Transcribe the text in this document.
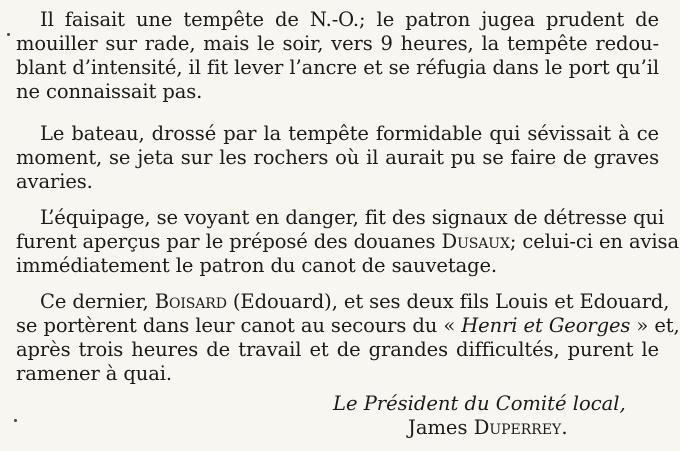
Il faisait une tempête de N.-O.; le patron jugea prudent de
mouiller sur rade, mais le soir, vers 9 heures, la tempête redou-
blant d’intensité, il fit lever l’ancre et se réfugia dans le port qu’il
ne connaissait pas.
Le bateau, drossé par la tempête formidable qui sévissait à ce
moment, se jeta sur les rochers où il aurait pu se faire de graves
avaries.
L’équipage, se voyant en danger, fit des signaux de détresse qui
furent aperçus par le préposé des douanes Dusaux; celui-ci en avisa
immédiatement le patron du canot de sauvetage.
Ce dernier, Boisard (Edouard), et ses deux fils Louis et Edouard,
se portèrent dans leur canot au secours du « Henri et Georges » et,
après trois heures de travail et de grandes difficultés, purent le
ramener à quai.
Le Président du Comité local,
James Duperrey.
